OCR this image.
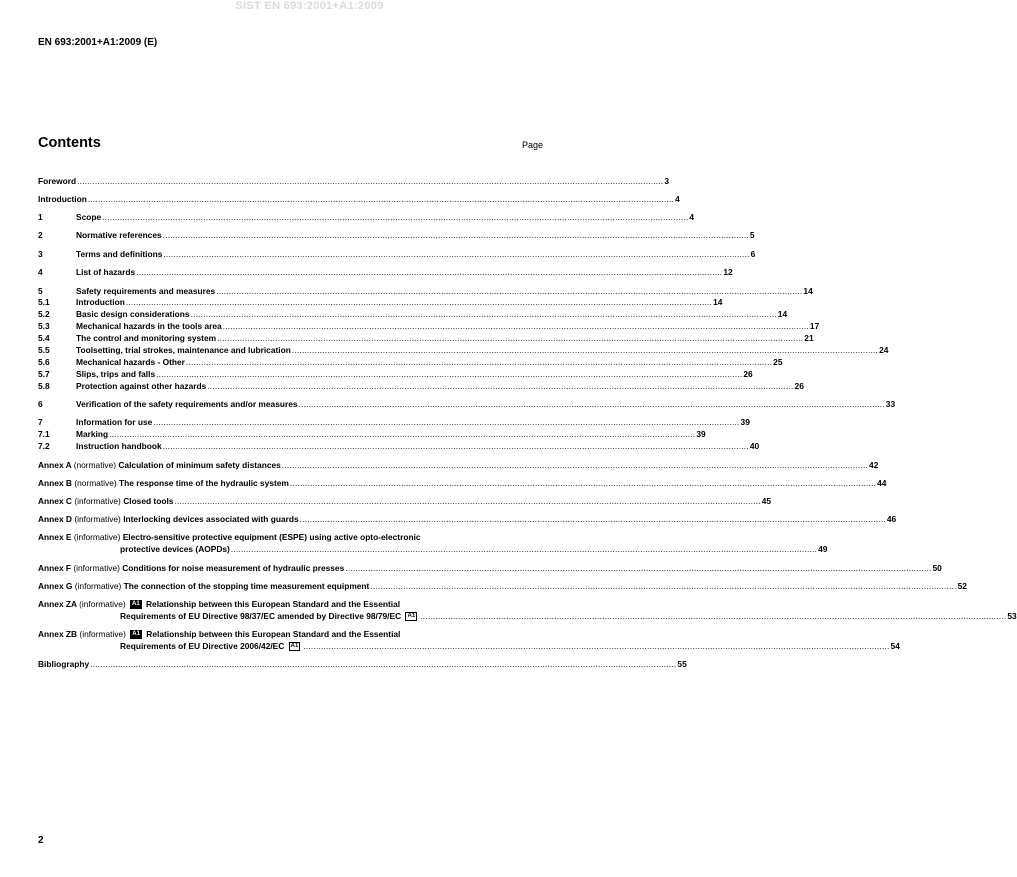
SIST EN 693:2001+A1:2009
EN 693:2001+A1:2009 (E)
Contents	Page
Foreword .....	3
Introduction .....	4
1	Scope .....	4
2	Normative references .....	5
3	Terms and definitions .....	6
4	List of hazards .....	12
5	Safety requirements and measures .....	14
5.1	Introduction .....	14
5.2	Basic design considerations .....	14
5.3	Mechanical hazards in the tools area .....	17
5.4	The control and monitoring system .....	21
5.5	Toolsetting, trial strokes, maintenance and lubrication .....	24
5.6	Mechanical hazards - Other .....	25
5.7	Slips, trips and falls .....	26
5.8	Protection against other hazards .....	26
6	Verification of the safety requirements and/or measures .....	33
7	Information for use .....	39
7.1	Marking .....	39
7.2	Instruction handbook .....	40
Annex A (normative) Calculation of minimum safety distances .....	42
Annex B (normative) The response time of the hydraulic system .....	44
Annex C (informative) Closed tools .....	45
Annex D (informative) Interlocking devices associated with guards .....	46
Annex E (informative) Electro-sensitive protective equipment (ESPE) using active opto-electronic
protective devices (AOPDs) .....	49
Annex F (informative) Conditions for noise measurement of hydraulic presses .....	50
Annex G (informative) The connection of the stopping time measurement equipment .....	52
Annex ZA (informative) A1 Relationship between this European Standard and the Essential
Requirements of EU Directive 98/37/EC amended by Directive 98/79/EC A1 .....	53
Annex ZB (informative) A1 Relationship between this European Standard and the Essential
Requirements of EU Directive 2006/42/EC A1 .....	54
Bibliography .....	55
2
